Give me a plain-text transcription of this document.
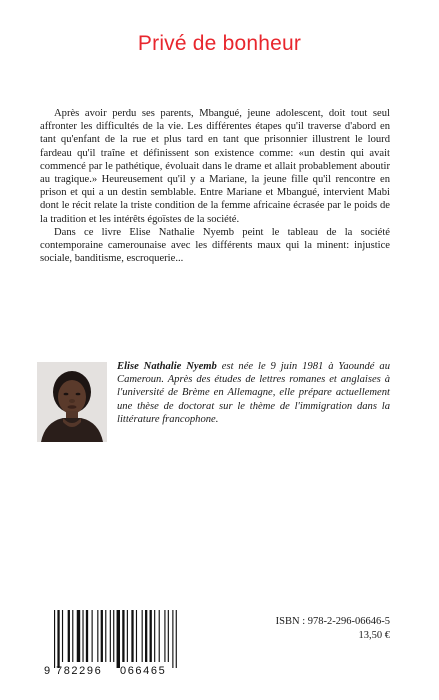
Privé de bonheur

Après avoir perdu ses parents, Mbangué, jeune adolescent, doit tout seul affronter les difficultés de la vie. Les différentes étapes qu'il traverse d'abord en tant qu'enfant de la rue et plus tard en tant que prisonnier illustrent le lourd fardeau qu'il traîne et définissent son existence comme: «un destin qui avait commencé par le pathétique, évoluait dans le drame et allait probablement aboutir au tragique.» Heureusement qu'il y a Mariane, la jeune fille qu'il rencontre en prison et qui a un destin semblable. Entre Mariane et Mbangué, intervient Mabi dont le récit relate la triste condition de la femme africaine écrasée par le poids de la tradition et les intérêts égoïstes de la société.

Dans ce livre Elise Nathalie Nyemb peint le tableau de la société contemporaine camerounaise avec les différents maux qui la minent: injustice sociale, banditisme, escroquerie...

Elise Nathalie Nyemb est née le 9 juin 1981 à Yaoundé au Cameroun. Après des études de lettres romanes et anglaises à l'université de Brème en Allemagne, elle prépare actuellement une thèse de doctorat sur le thème de l'immigration dans la littérature francophone.
9 782296 066465
ISBN : 978-2-296-06646-5
13,50 €
